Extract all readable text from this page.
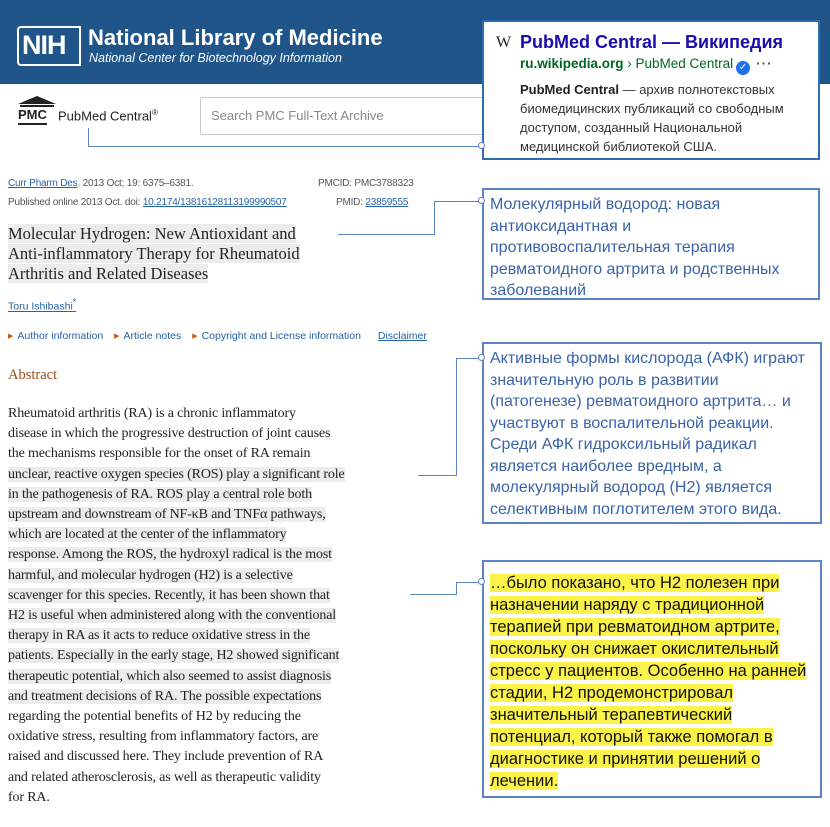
NIH National Library of Medicine
National Center for Biotechnology Information
PMC PubMed Central®
Search PMC Full-Text Archive
W PubMed Central — Википедия
ru.wikipedia.org › PubMed Central ✓ ···
PubMed Central — архив полнотекстовых биомедицинских публикаций со свободным доступом, созданный Национальной медицинской библиотекой США.
Curr Pharm Des. 2013 Oct; 19: 6375–6381.
Published online 2013 Oct. doi: 10.2174/13816128113199990507
PMCID: PMC3788323
PMID: 23859555
Molecular Hydrogen: New Antioxidant and
Anti-inflammatory Therapy for Rheumatoid
Arthritis and Related Diseases
Toru Ishibashi*
▶ Author information ▶ Article notes ▶ Copyright and License information Disclaimer
Abstract
Rheumatoid arthritis (RA) is a chronic inflammatory
disease in which the progressive destruction of joint causes
the mechanisms responsible for the onset of RA remain
unclear, reactive oxygen species (ROS) play a significant role
in the pathogenesis of RA. ROS play a central role both
upstream and downstream of NF-κB and TNFα pathways,
which are located at the center of the inflammatory
response. Among the ROS, the hydroxyl radical is the most
harmful, and molecular hydrogen (H2) is a selective
scavenger for this species. Recently, it has been shown that
H2 is useful when administered along with the conventional
therapy in RA as it acts to reduce oxidative stress in the
patients. Especially in the early stage, H2 showed significant
therapeutic potential, which also seemed to assist diagnosis
and treatment decisions of RA. The possible expectations
regarding the potential benefits of H2 by reducing the
oxidative stress, resulting from inflammatory factors, are
raised and discussed here. They include prevention of RA
and related atherosclerosis, as well as therapeutic validity
for RA.
Молекулярный водород: новая антиоксидантная и противовоспалительная терапия ревматоидного артрита и родственных заболеваний
Активные формы кислорода (АФК) играют значительную роль в развитии (патогенезе) ревматоидного артрита… и участвуют в воспалительной реакции. Среди АФК гидроксильный радикал является наиболее вредным, а молекулярный водород (H2) является селективным поглотителем этого вида.
…было показано, что H2 полезен при назначении наряду с традиционной терапией при ревматоидном артрите, поскольку он снижает окислительный стресс у пациентов. Особенно на ранней стадии, H2 продемонстрировал значительный терапевтический потенциал, который также помогал в диагностике и принятии решений о лечении.
